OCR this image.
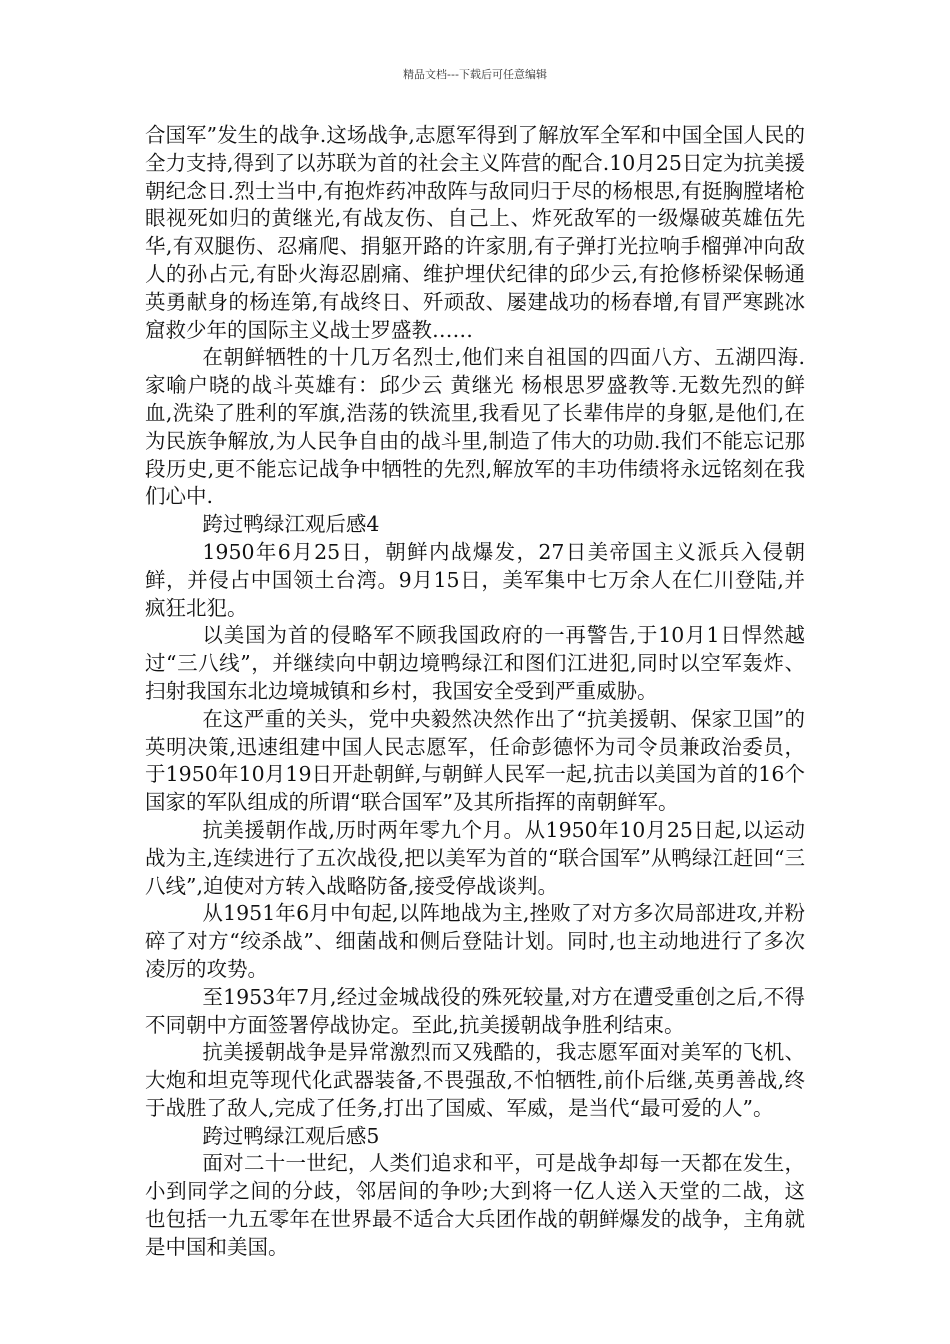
精品文档---下载后可任意编辑

合国军”发生的战争.这场战争,志愿军得到了解放军全军和中国全国人民的全力支持,得到了以苏联为首的社会主义阵营的配合.10月25日定为抗美援朝纪念日.烈士当中,有抱炸药冲敌阵与敌同归于尽的杨根思,有挺胸膛堵枪眼视死如归的黄继光,有战友伤、自己上、炸死敌军的一级爆破英雄伍先华,有双腿伤、忍痛爬、捐躯开路的许家朋,有子弹打光拉响手榴弹冲向敌人的孙占元,有卧火海忍剧痛、维护埋伏纪律的邱少云,有抢修桥梁保畅通英勇献身的杨连第,有战终日、歼顽敌、屡建战功的杨春增,有冒严寒跳冰窟救少年的国际主义战士罗盛教……

在朝鲜牺牲的十几万名烈士,他们来自祖国的四面八方、五湖四海.家喻户晓的战斗英雄有：邱少云 黄继光 杨根思罗盛教等.无数先烈的鲜血,洗染了胜利的军旗,浩荡的铁流里,我看见了长辈伟岸的身躯,是他们,在为民族争解放,为人民争自由的战斗里,制造了伟大的功勋.我们不能忘记那段历史,更不能忘记战争中牺牲的先烈,解放军的丰功伟绩将永远铭刻在我们心中.

跨过鸭绿江观后感4

1950年6月25日，朝鲜内战爆发，27日美帝国主义派兵入侵朝鲜，并侵占中国领土台湾。9月15日，美军集中七万余人在仁川登陆,并疯狂北犯。

以美国为首的侵略军不顾我国政府的一再警告,于10月1日悍然越过“三八线”，并继续向中朝边境鸭绿江和图们江进犯,同时以空军轰炸、扫射我国东北边境城镇和乡村，我国安全受到严重威胁。

在这严重的关头，党中央毅然决然作出了“抗美援朝、保家卫国”的英明决策,迅速组建中国人民志愿军，任命彭德怀为司令员兼政治委员，于1950年10月19日开赴朝鲜,与朝鲜人民军一起,抗击以美国为首的16个国家的军队组成的所谓“联合国军”及其所指挥的南朝鲜军。

抗美援朝作战,历时两年零九个月。从1950年10月25日起,以运动战为主,连续进行了五次战役,把以美军为首的“联合国军”从鸭绿江赶回“三八线”,迫使对方转入战略防备,接受停战谈判。

从1951年6月中旬起,以阵地战为主,挫败了对方多次局部进攻,并粉碎了对方“绞杀战”、细菌战和侧后登陆计划。同时,也主动地进行了多次凌厉的攻势。

至1953年7月,经过金城战役的殊死较量,对方在遭受重创之后,不得不同朝中方面签署停战协定。至此,抗美援朝战争胜利结束。

抗美援朝战争是异常激烈而又残酷的，我志愿军面对美军的飞机、大炮和坦克等现代化武器装备,不畏强敌,不怕牺牲,前仆后继,英勇善战,终于战胜了敌人,完成了任务,打出了国威、军威，是当代“最可爱的人”。

跨过鸭绿江观后感5

面对二十一世纪，人类们追求和平，可是战争却每一天都在发生，小到同学之间的分歧，邻居间的争吵;大到将一亿人送入天堂的二战，这也包括一九五零年在世界最不适合大兵团作战的朝鲜爆发的战争，主角就是中国和美国。
